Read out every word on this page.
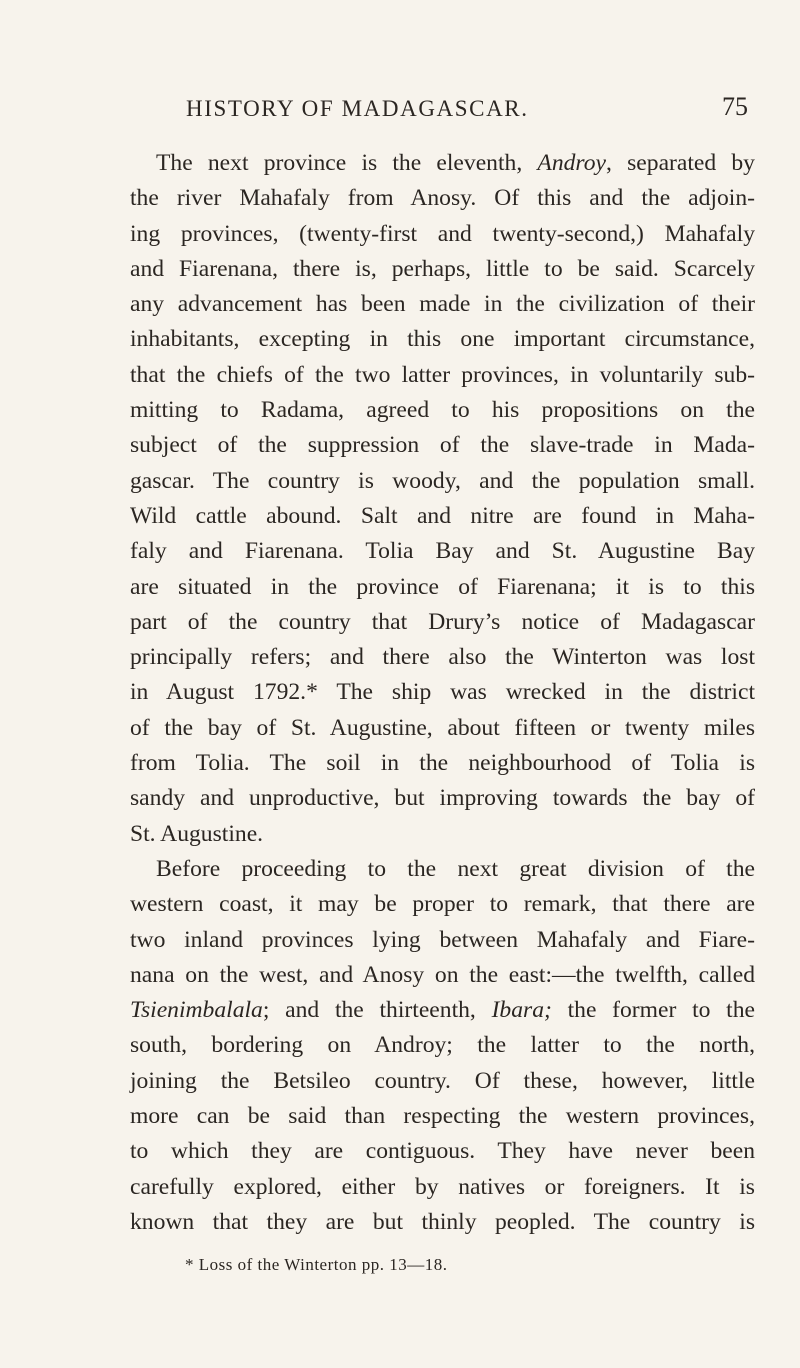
HISTORY OF MADAGASCAR.	75
The next province is the eleventh, Androy, separated by
the river Mahafaly from Anosy. Of this and the adjoin-
ing provinces, (twenty-first and twenty-second,) Mahafaly
and Fiarenana, there is, perhaps, little to be said. Scarcely
any advancement has been made in the civilization of their
inhabitants, excepting in this one important circumstance,
that the chiefs of the two latter provinces, in voluntarily sub-
mitting to Radama, agreed to his propositions on the
subject of the suppression of the slave-trade in Mada-
gascar. The country is woody, and the population small.
Wild cattle abound. Salt and nitre are found in Maha-
faly and Fiarenana. Tolia Bay and St. Augustine Bay
are situated in the province of Fiarenana; it is to this
part of the country that Drury’s notice of Madagascar
principally refers; and there also the Winterton was lost
in August 1792.* The ship was wrecked in the district
of the bay of St. Augustine, about fifteen or twenty miles
from Tolia. The soil in the neighbourhood of Tolia is
sandy and unproductive, but improving towards the bay of
St. Augustine.
Before proceeding to the next great division of the
western coast, it may be proper to remark, that there are
two inland provinces lying between Mahafaly and Fiare-
nana on the west, and Anosy on the east:—the twelfth, called
Tsienimbalala; and the thirteenth, Ibara; the former to the
south, bordering on Androy; the latter to the north,
joining the Betsileo country. Of these, however, little
more can be said than respecting the western provinces,
to which they are contiguous. They have never been
carefully explored, either by natives or foreigners. It is
known that they are but thinly peopled. The country is
* Loss of the Winterton pp. 13—18.
